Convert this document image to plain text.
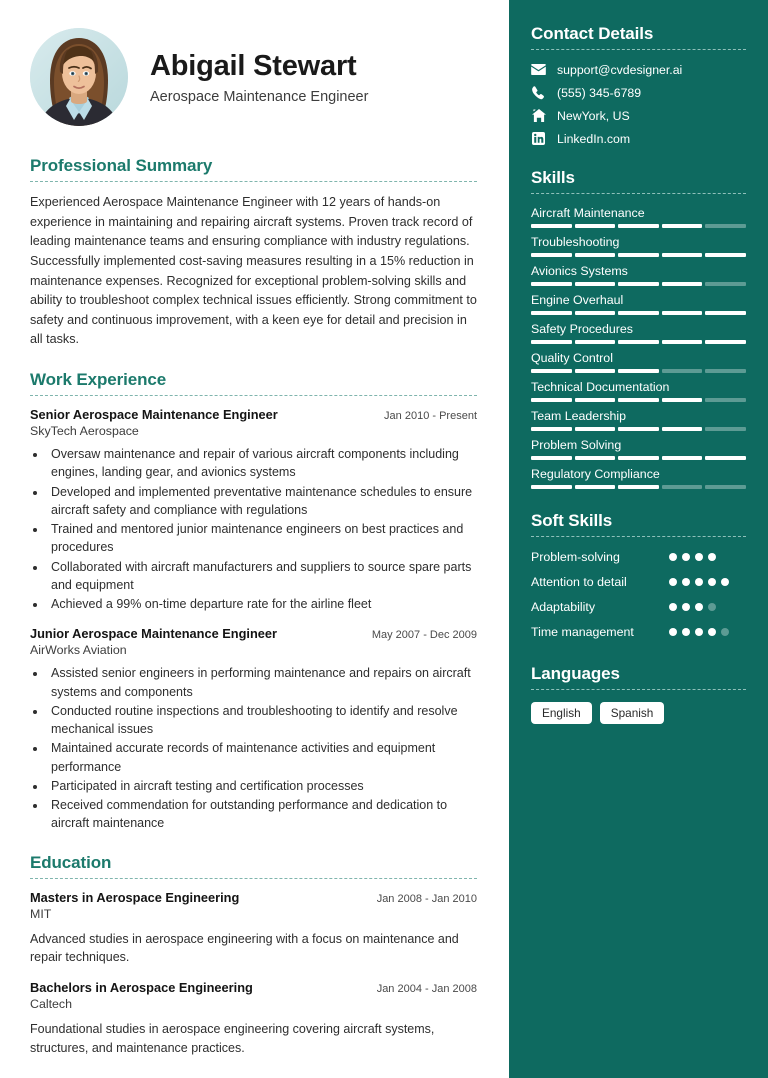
Abigail Stewart
Aerospace Maintenance Engineer
Professional Summary

Experienced Aerospace Maintenance Engineer with 12 years of hands-on experience in maintaining and repairing aircraft systems. Proven track record of leading maintenance teams and ensuring compliance with industry regulations. Successfully implemented cost-saving measures resulting in a 15% reduction in maintenance expenses. Recognized for exceptional problem-solving skills and ability to troubleshoot complex technical issues efficiently. Strong commitment to safety and continuous improvement, with a keen eye for detail and precision in all tasks.

Work Experience
Senior Aerospace Maintenance Engineer	Jan 2010 - Present
SkyTech Aerospace
• Oversaw maintenance and repair of various aircraft components including engines, landing gear, and avionics systems
• Developed and implemented preventative maintenance schedules to ensure aircraft safety and compliance with regulations
• Trained and mentored junior maintenance engineers on best practices and procedures
• Collaborated with aircraft manufacturers and suppliers to source spare parts and equipment
• Achieved a 99% on-time departure rate for the airline fleet
Junior Aerospace Maintenance Engineer	May 2007 - Dec 2009
AirWorks Aviation
• Assisted senior engineers in performing maintenance and repairs on aircraft systems and components
• Conducted routine inspections and troubleshooting to identify and resolve mechanical issues
• Maintained accurate records of maintenance activities and equipment performance
• Participated in aircraft testing and certification processes
• Received commendation for outstanding performance and dedication to aircraft maintenance
Education
Masters in Aerospace Engineering	Jan 2008 - Jan 2010
MIT
Advanced studies in aerospace engineering with a focus on maintenance and repair techniques.
Bachelors in Aerospace Engineering	Jan 2004 - Jan 2008
Caltech
Foundational studies in aerospace engineering covering aircraft systems, structures, and maintenance practices.
Contact Details
support@cvdesigner.ai
(555) 345-6789
NewYork, US
LinkedIn.com
Skills
Aircraft Maintenance
Troubleshooting
Avionics Systems
Engine Overhaul
Safety Procedures
Quality Control
Technical Documentation
Team Leadership
Problem Solving
Regulatory Compliance
Soft Skills
Problem-solving
Attention to detail
Adaptability
Time management
Languages
English	Spanish
